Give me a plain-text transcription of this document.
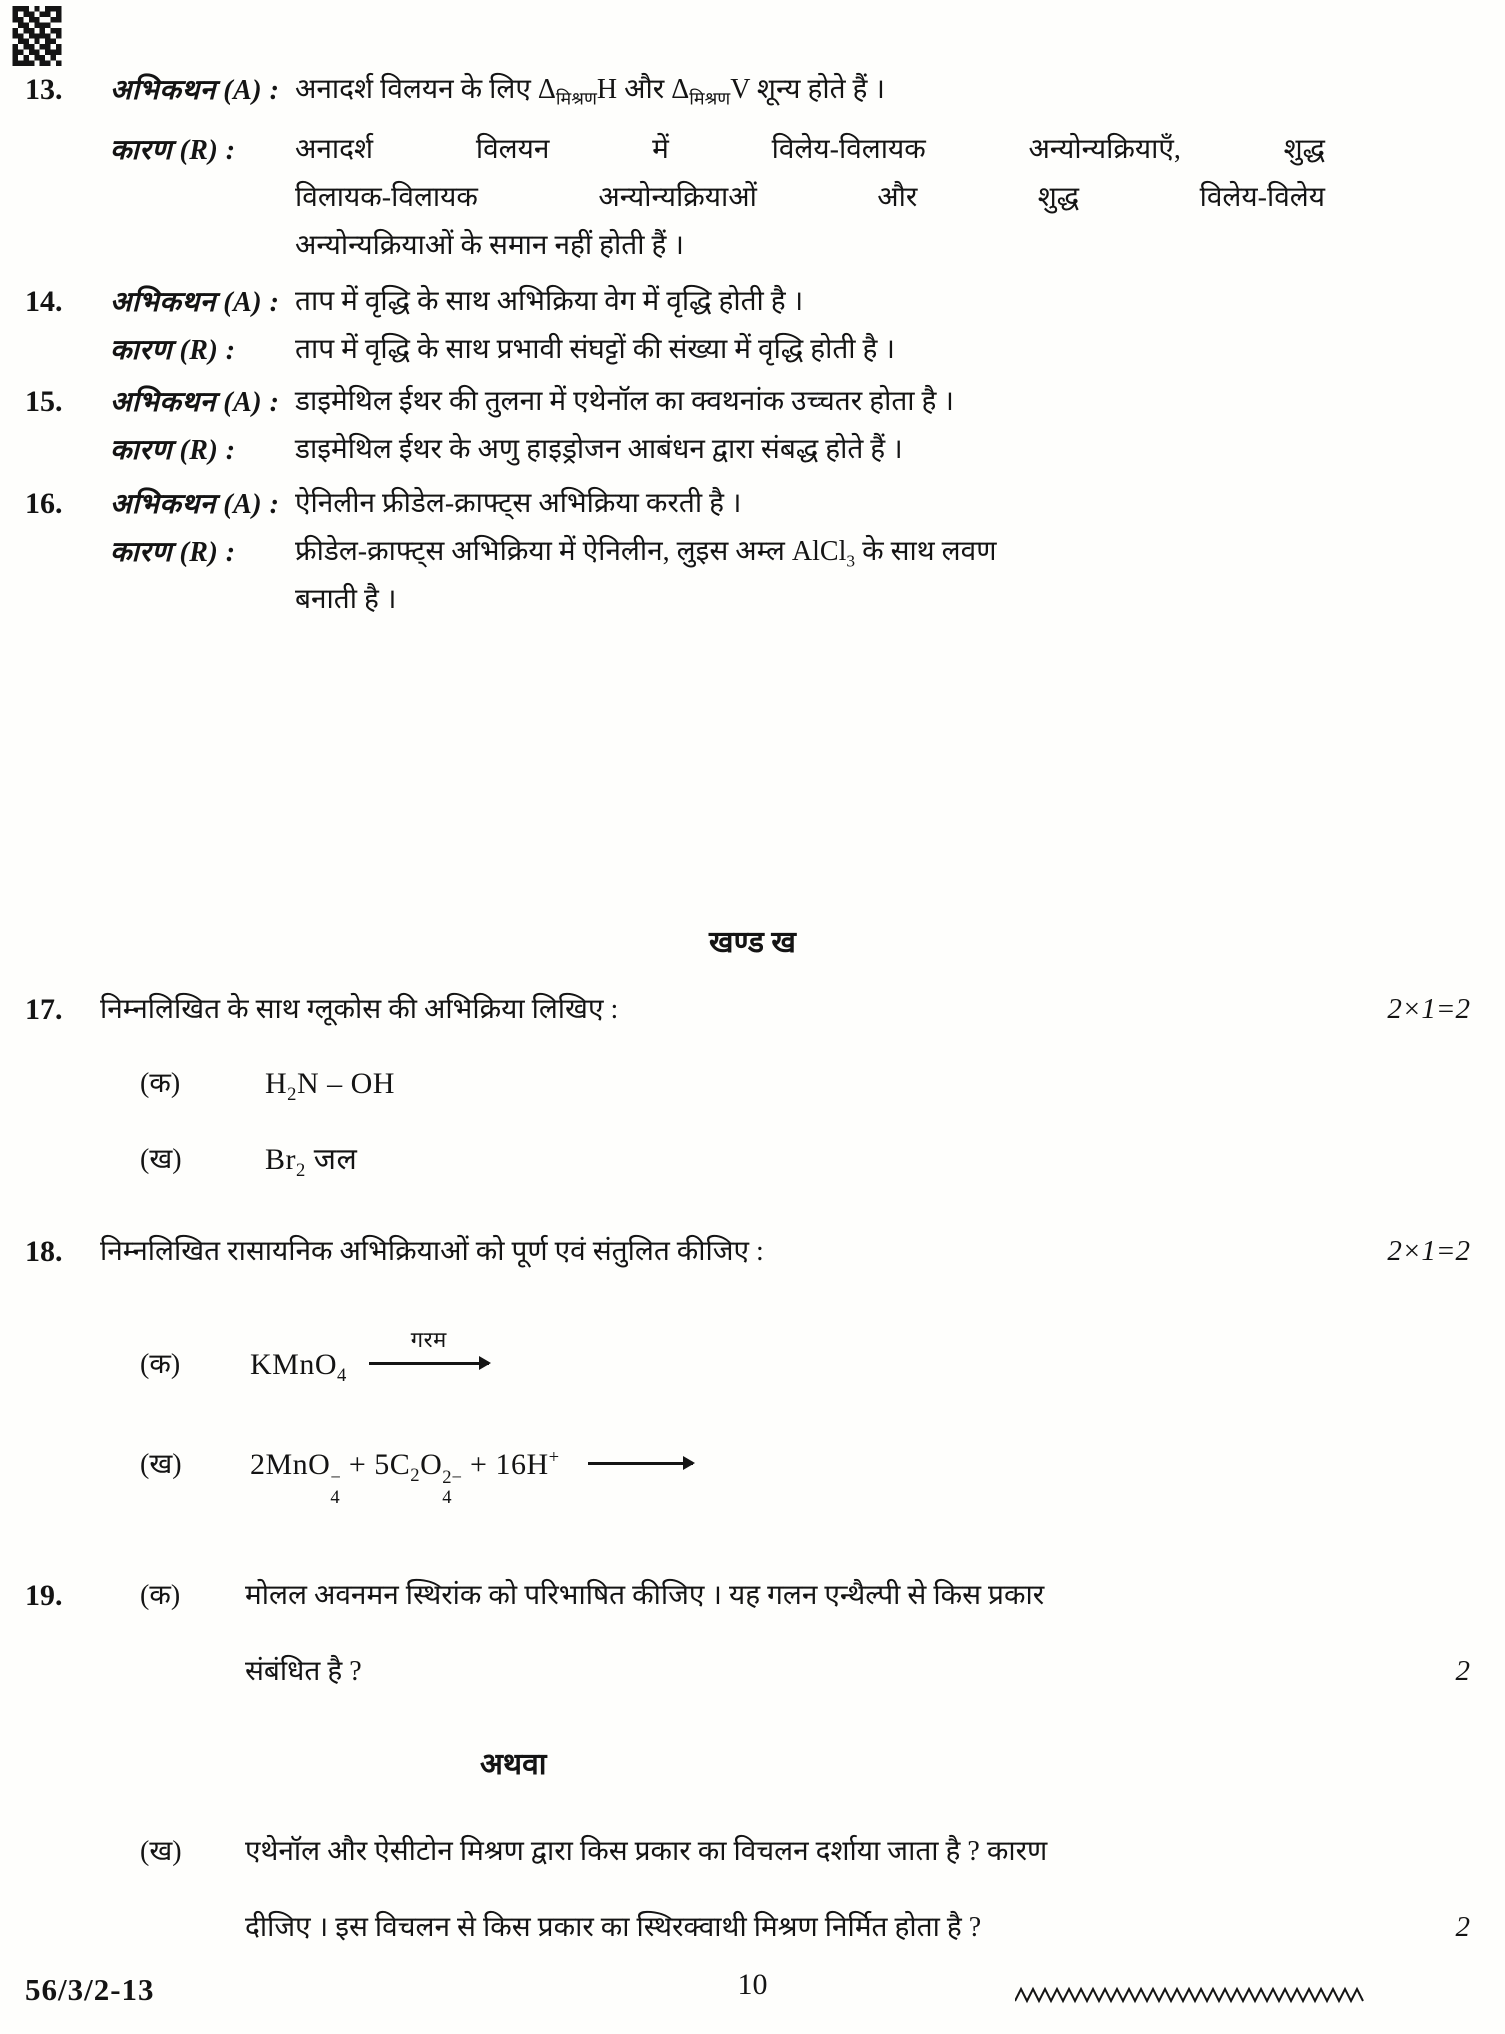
13. अभिकथन (A) : अनादर्श विलयन के लिए $\Delta_{मिश्रण}H$ और $\Delta_{मिश्रण}V$ शून्य होते हैं ।
कारण (R) : अनादर्श विलयन में विलेय-विलायक अन्योन्यक्रियाएँ, शुद्ध
विलायक-विलायक अन्योन्यक्रियाओं और शुद्ध विलेय-विलेय
अन्योन्यक्रियाओं के समान नहीं होती हैं ।
14. अभिकथन (A) : ताप में वृद्धि के साथ अभिक्रिया वेग में वृद्धि होती है ।
कारण (R) : ताप में वृद्धि के साथ प्रभावी संघट्टों की संख्या में वृद्धि होती है ।
15. अभिकथन (A) : डाइमेथिल ईथर की तुलना में एथेनॉल का क्वथनांक उच्चतर होता है ।
कारण (R) : डाइमेथिल ईथर के अणु हाइड्रोजन आबंधन द्वारा संबद्ध होते हैं ।
16. अभिकथन (A) : ऐनिलीन फ्रीडेल-क्राफ्ट्स अभिक्रिया करती है ।
कारण (R) : फ्रीडेल-क्राफ्ट्स अभिक्रिया में ऐनिलीन, लुइस अम्ल AlCl$_3$ के साथ लवण
बनाती है ।
खण्ड ख
17. निम्नलिखित के साथ ग्लूकोस की अभिक्रिया लिखिए :	2×1=2
(क)	$H_2N$ – OH
(ख)	$Br_2$ जल
18. निम्नलिखित रासायनिक अभिक्रियाओं को पूर्ण एवं संतुलित कीजिए :	2×1=2
(क) KMnO$_4$
गरम
(ख) 2MnO −
4
+ $5C_2O$ 2−
4
+ 16H+ →
19.	(क) मोलल अवनमन स्थिरांक को परिभाषित कीजिए । यह गलन एन्थैल्पी से किस प्रकार
संबंधित है ?	2
अथवा
(ख) एथेनॉल और ऐसीटोन मिश्रण द्वारा किस प्रकार का विचलन दर्शाया जाता है ? कारण
दीजिए । इस विचलन से किस प्रकार का स्थिरक्वाथी मिश्रण निर्मित होता है ?	2
56/3/2-13	10
